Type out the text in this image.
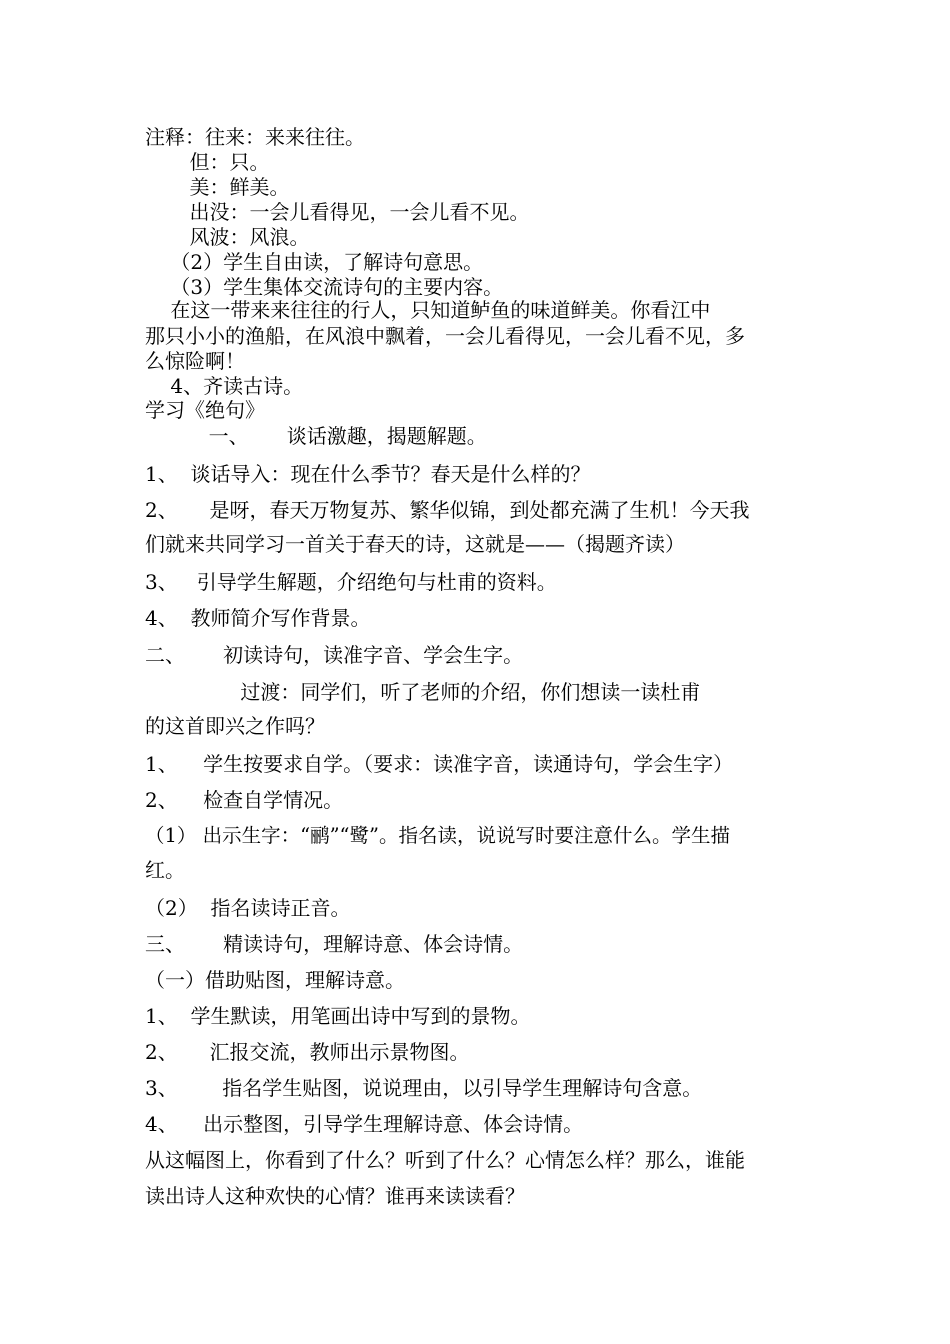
注释：往来：来来往往。
但：只。
美：鲜美。
出没：一会儿看得见，一会儿看不见。
风波：风浪。
（2）学生自由读，了解诗句意思。
（3）学生集体交流诗句的主要内容。
在这一带来来往往的行人，只知道鲈鱼的味道鲜美。你看江中
那只小小的渔船，在风浪中飘着，一会儿看得见，一会儿看不见，多
么惊险啊！
4、齐读古诗。
学习《绝句》
一、      谈话激趣，揭题解题。
1、  谈话导入：现在什么季节？春天是什么样的？
2、     是呀，春天万物复苏、繁华似锦，到处都充满了生机！今天我
们就来共同学习一首关于春天的诗，这就是——（揭题齐读）
3、   引导学生解题，介绍绝句与杜甫的资料。
4、  教师简介写作背景。
二、      初读诗句，读准字音、学会生字。
过渡：同学们，听了老师的介绍，你们想读一读杜甫
的这首即兴之作吗？
1、    学生按要求自学。（要求：读准字音，读通诗句，学会生字）
2、    检查自学情况。
（1） 出示生字：“鹂”“鹭”。指名读，说说写时要注意什么。学生描
红。
（2）  指名读诗正音。
三、      精读诗句，理解诗意、体会诗情。
（一）借助贴图，理解诗意。
1、  学生默读，用笔画出诗中写到的景物。
2、     汇报交流，教师出示景物图。
3、       指名学生贴图，说说理由，以引导学生理解诗句含意。
4、    出示整图，引导学生理解诗意、体会诗情。
从这幅图上，你看到了什么？听到了什么？心情怎么样？那么，谁能
读出诗人这种欢快的心情？谁再来读读看？
